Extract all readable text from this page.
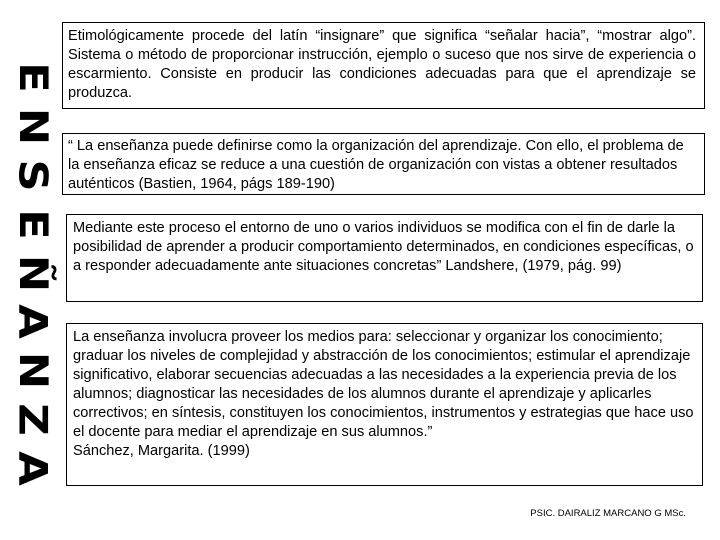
E
N
S
E
Ñ
A
N
Z
A

Etimológicamente procede del latín “insignare” que significa “señalar hacia”, “mostrar algo”. Sistema o método de proporcionar instrucción, ejemplo o suceso que nos sirve de experiencia o escarmiento. Consiste en producir las condiciones adecuadas para que el aprendizaje se produzca.

“ La enseñanza puede definirse como la organización del aprendizaje. Con ello, el problema de la enseñanza eficaz se reduce a una cuestión de organización con vistas a obtener resultados auténticos (Bastien, 1964, págs 189-190)

Mediante este proceso el entorno de uno o varios individuos se modifica con el fin de darle la posibilidad de aprender a producir comportamiento determinados, en condiciones específicas, o a responder adecuadamente ante situaciones concretas” Landshere, (1979, pág. 99)

La enseñanza involucra proveer los medios para: seleccionar y organizar los conocimiento; graduar los niveles de complejidad y abstracción de los conocimientos; estimular el aprendizaje significativo, elaborar secuencias adecuadas a las necesidades a la experiencia previa de los alumnos; diagnosticar las necesidades de los alumnos durante el aprendizaje y aplicarles correctivos; en síntesis, constituyen los conocimientos, instrumentos y estrategias que hace uso el docente para mediar el aprendizaje en sus alumnos.”

Sánchez, Margarita. (1999)

PSIC. DAIRALIZ MARCANO G MSc.
